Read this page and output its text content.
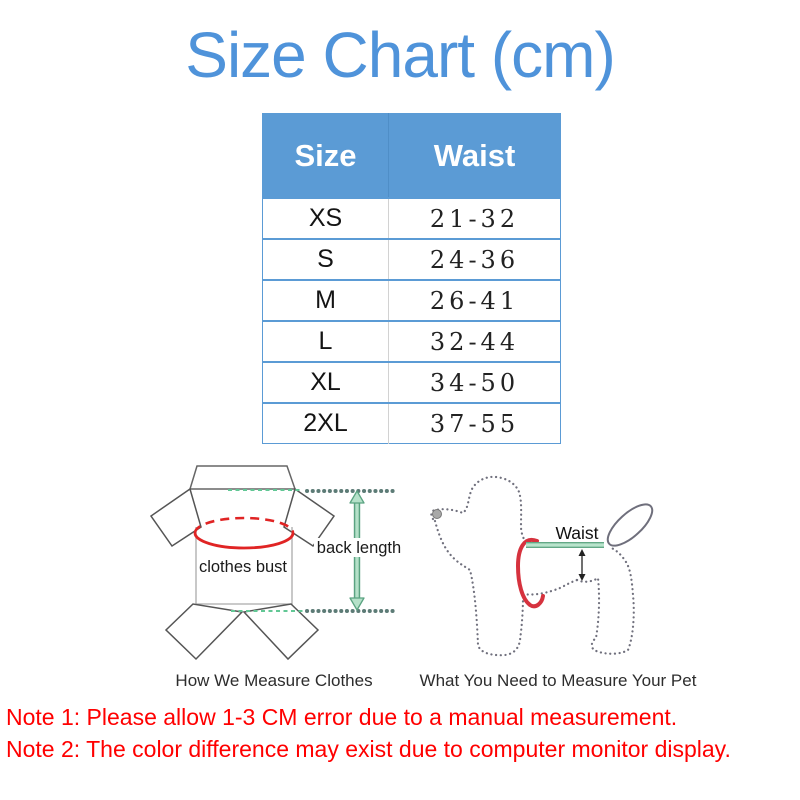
Size Chart (cm)
Size	Waist
XS	21-32
S	24-36
M	26-41
L	32-44
XL	34-50
2XL	37-55
back length
clothes bust
Waist
How We Measure Clothes	What You Need to Measure Your Pet
Note 1: Please allow 1-3 CM error due to a manual measurement.
Note 2: The color difference may exist due to computer monitor display.
